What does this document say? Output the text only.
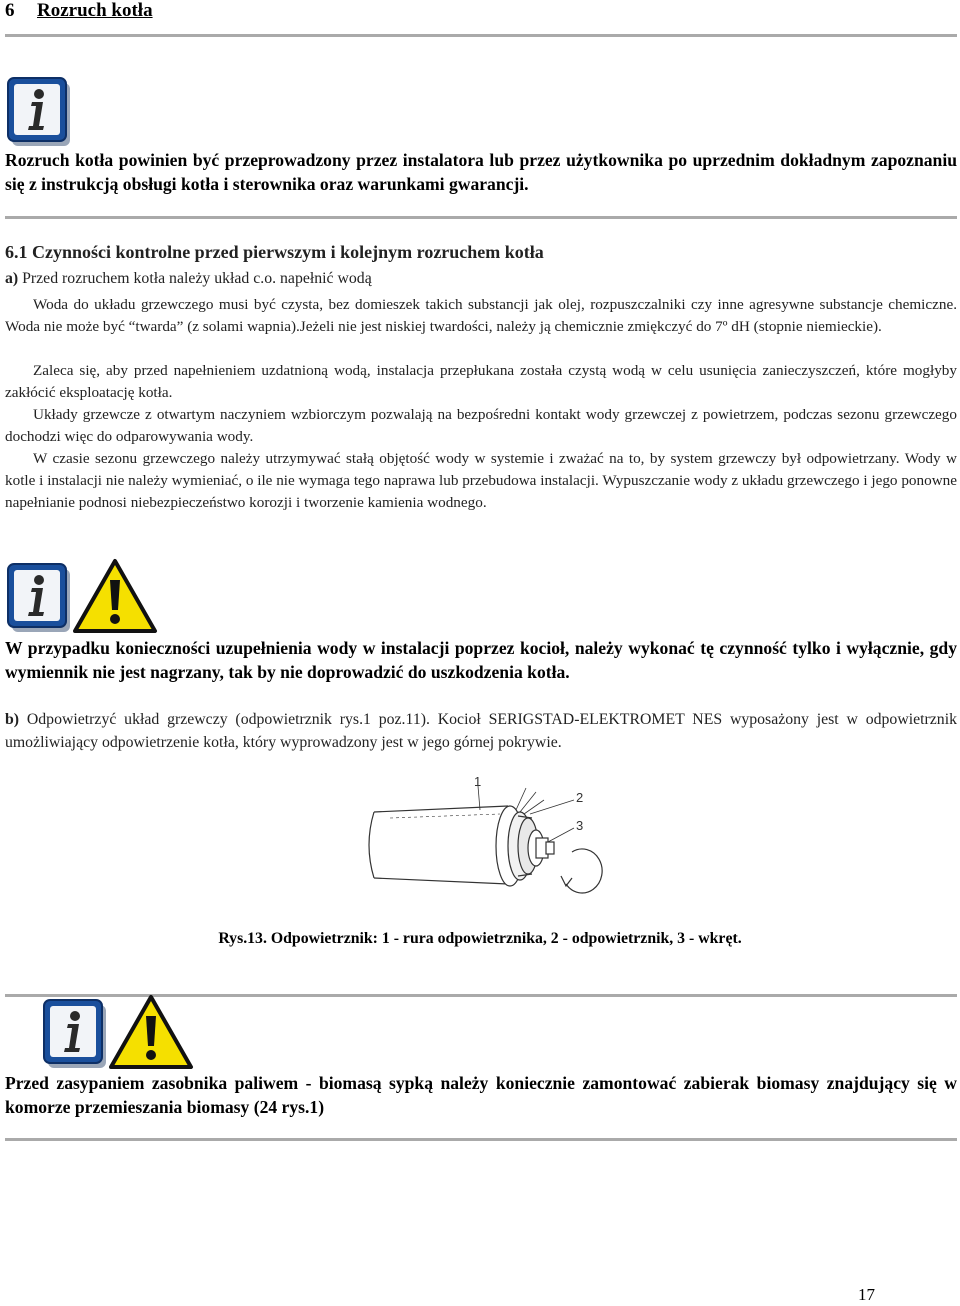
6 Rozruch kotła
Rozruch kotła powinien być przeprowadzony przez instalatora lub przez użytkownika po uprzednim dokładnym zapoznaniu się z instrukcją obsługi kotła i sterownika oraz warunkami gwarancji.
6.1 Czynności kontrolne przed pierwszym i kolejnym rozruchem kotła
a) Przed rozruchem kotła należy układ c.o. napełnić wodą
Woda do układu grzewczego musi być czysta, bez domieszek takich substancji jak olej, rozpuszczalniki czy inne agresywne substancje chemiczne. Woda nie może być “twarda” (z solami wapnia).Jeżeli nie jest niskiej twardości, należy ją chemicznie zmiękczyć do 7º dH (stopnie niemieckie).
Zaleca się, aby przed napełnieniem uzdatnioną wodą, instalacja przepłukana została czystą wodą w celu usunięcia zanieczyszczeń, które mogłyby zakłócić eksploatację kotła.
Układy grzewcze z otwartym naczyniem wzbiorczym pozwalają na bezpośredni kontakt wody grzewczej z powietrzem, podczas sezonu grzewczego dochodzi więc do odparowywania wody.
W czasie sezonu grzewczego należy utrzymywać stałą objętość wody w systemie i zważać na to, by system grzewczy był odpowietrzany. Wody w kotle i instalacji nie należy wymieniać, o ile nie wymaga tego naprawa lub przebudowa instalacji. Wypuszczanie wody z układu grzewczego i jego ponowne napełnianie podnosi niebezpieczeństwo korozji i tworzenie kamienia wodnego.
W przypadku konieczności uzupełnienia wody w instalacji poprzez kocioł, należy wykonać tę czynność tylko i wyłącznie, gdy wymiennik nie jest nagrzany, tak by nie doprowadzić do uszkodzenia kotła.
b) Odpowietrzyć układ grzewczy (odpowietrznik rys.1 poz.11). Kocioł SERIGSTAD-ELEKTROMET NES wyposażony jest w odpowietrznik umożliwiający odpowietrzenie kotła, który wyprowadzony jest w jego górnej pokrywie.
1
2
3
Rys.13. Odpowietrznik: 1 - rura odpowietrznika, 2 - odpowietrznik, 3 - wkręt.
Przed zasypaniem zasobnika paliwem - biomasą sypką należy koniecznie zamontować zabierak biomasy znajdujący się w komorze przemieszania biomasy (24 rys.1)
17
